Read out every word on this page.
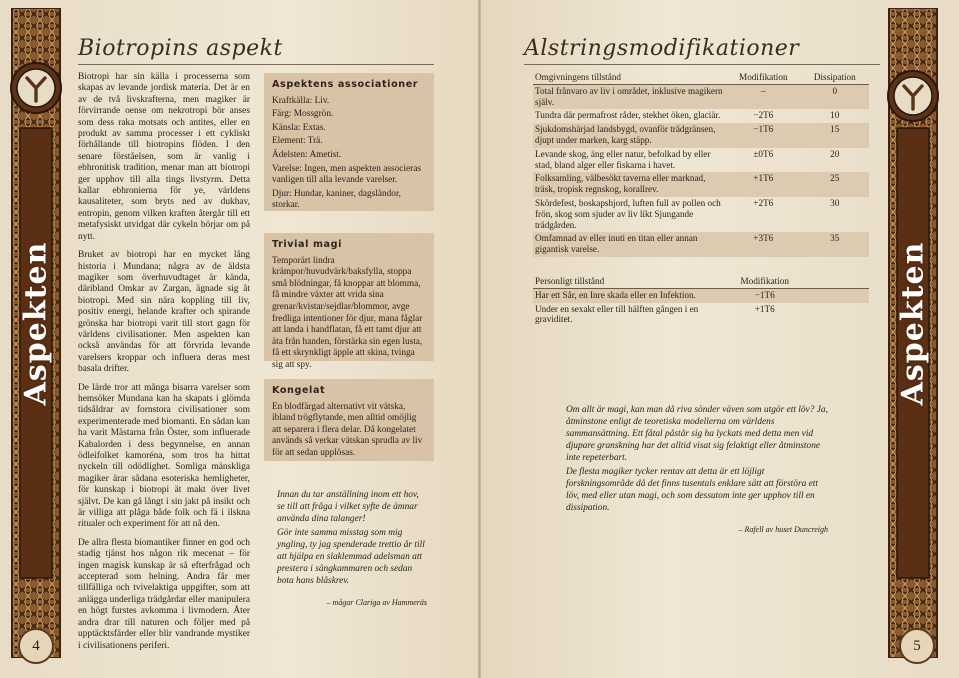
Aspekten
4
Biotropins aspekt

Biotropi har sin källa i processerna som skapas av levande jordisk materia. Det är en av de två livskrafterna, men magiker är förvirrande oense om nekrotropi bör anses som dess raka motsats och antites, eller en produkt av samma processer i ett cykliskt förhållande till biotropins flöden. I den senare förståelsen, som är vanlig i ebhronitisk tradition, menar man att biotropi ger upphov till alla tings livstyrm. Detta kallar ebhronierna för ye, världens kausaliteter, som bryts ned av dukhav, entropin, genom vilken kraften återgår till ett metafysiskt utvidgat där cykeln börjar om på nytt.

Bruket av biotropi har en mycket lång historia i Mundana; några av de äldsta magiker som överhuvudtaget är kända, däribland Omkar av Zargan, ägnade sig åt biotropi. Med sin nära koppling till liv, positiv energi, helande krafter och spirande grönska har biotropi varit till stort gagn för världens civilisationer. Men aspekten kan också användas för att förvrida levande varelsers kroppar och influera deras mest basala drifter.

De lärde tror att många bisarra varelser som hemsöker Mundana kan ha skapats i glömda tidsåldrar av fornstora civilisationer som experimenterade med biomanti. En sådan kan ha varit Mästarna från Öster, som influerade Kabalorden i dess begynnelse, en annan ödleifolket kamoréna, som tros ha hittat nyckeln till odödlighet. Somliga mänskliga magiker ärar sådana esoteriska hemligheter, för kunskap i biotropi ät makt över livet självt. De kan gå långt i sin jakt på insikt och är villiga att plåga både folk och fä i ilskna ritualer och experiment för att nå den.

De allra flesta biomantiker finner en god och stadig tjänst hos någon rik mecenat – för ingen magisk kunskap är så efterfrågad och accepterad som helning. Andra får mer tillfälliga och tvivelaktiga uppgifter, som att anlägga underliga trädgårdar eller manipulera en högt furstes avkomma i livmodern. Åter andra drar till naturen och följer med på upptäcktsfärder eller blir vandrande mystiker i civilisationens periferi.

Aspektens associationer

Kraftkälla: Liv.

Färg: Mossgrön.

Känsla: Extas.

Element: Trä.

Ädelsten: Ametist.

Varelse: Ingen, men aspekten associeras vanligen till alla levande varelser.

Djur: Hundar, kaniner, dagsländor, storkar.

Trivial magi

Temporärt lindra krämpor/huvudvärk/baksfylla, stoppa små blödningar, få knoppar att blomma, få mindre växter att vrida sina grenar/kvistar/sejdlar/blommor, avge fredliga intentioner för djur, mana fåglar att landa i handflatan, få ett tamt djur att äta från handen, förstärka sin egen lusta, få ett skrynkligt äpple att skina, tvinga sig att spy.

Kongelat

En blodfärgad alternativt vit vätska, ibland trögflytande, men alltid omöjlig att separera i flera delar. Då kongelatet används så verkar vätskan sprudla av liv för att sedan upplösas.

Innan du tar anställning inom ett hov, se till att fråga i vilket syfte de ämnar använda dina talanger!

Gör inte samma misstag som mig yngling, ty jag spenderade trettio år till att hjälpa en slaklemmad adelsman att prestera i sängkammaren och sedan bota hans blåskrev.

– mågar Clariga av Hammeräs

Aspekten
5
Alstringsmodifikationer
Omgivningens tillstånd	Modifikation	Dissipation
Total frånvaro av liv i området, inklusive magikern själv.	–	0
Tundra där permafrost råder, stekhet öken, glaciär.	−2T6	10
Sjukdomshärjad landsbygd, ovanför trädgränsen, djupt under marken, karg stäpp.	−1T6	15
Levande skog, äng eller natur, befolkad by eller stad, bland alger eller fiskarna i havet.	±0T6	20
Folksamling, välbesökt taverna eller marknad, träsk, tropisk regnskog, korallrev.	+1T6	25
Skördefest, boskapshjord, luften full av pollen och frön, skog som sjuder av liv likt Sjungande trädgården.	+2T6	30
Omfamnad av eller inuti en titan eller annan gigantisk varelse.	+3T6	35
Personligt tillstånd	Modifikation	
Har ett Sår, en Inre skada eller en Infektion.	−1T6	
Under en sexakt eller till hälften gången i en graviditet.	+1T6	

Om allt är magi, kan man då riva sönder väven som utgör ett löv? Ja, åtminstone enligt de teoretiska modellerna om världens sammansättning. Ett fåtal påstår sig ha lyckats med detta men vid djupare granskning har det alltid visat sig felaktigt eller åtminstone inte repeterbart.

De flesta magiker tycker rentav att detta är ett löjligt forskningsområde då det finns tusentals enklare sätt att förstöra ett löv, med eller utan magi, och som dessutom inte ger upphov till en dissipation.

– Rafell av huset Duncreigh
